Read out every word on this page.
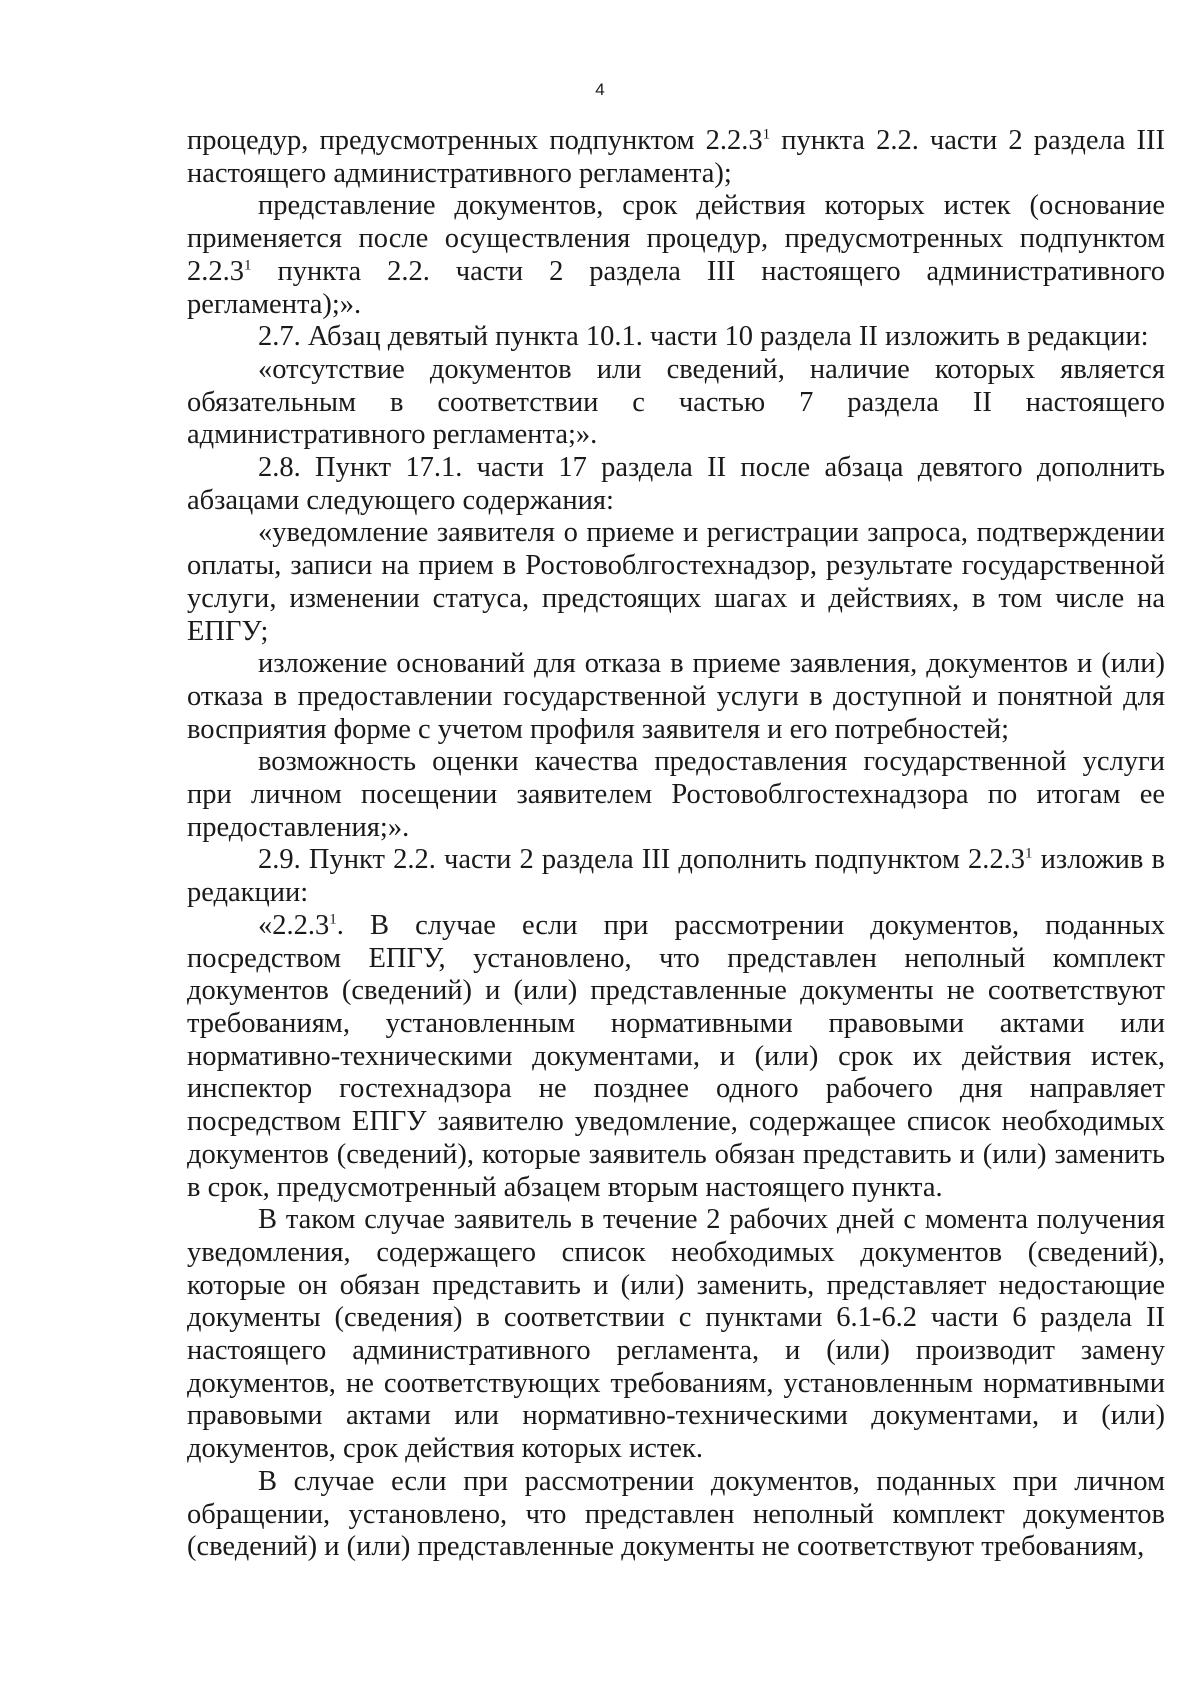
4

процедур, предусмотренных подпунктом 2.2.3$^1$ пункта 2.2. части 2 раздела III настоящего административного регламента);

представление документов, срок действия которых истек (основание применяется после осуществления процедур, предусмотренных подпунктом 2.2.3$^1$ пункта 2.2. части 2 раздела III настоящего административного регламента);».

2.7. Абзац девятый пункта 10.1. части 10 раздела II изложить в редакции:

«отсутствие документов или сведений, наличие которых является обязательным в соответствии с частью 7 раздела II настоящего административного регламента;».

2.8. Пункт 17.1. части 17 раздела II после абзаца девятого дополнить абзацами следующего содержания:

«уведомление заявителя о приеме и регистрации запроса, подтверждении оплаты, записи на прием в Ростовоблгостехнадзор, результате государственной услуги, изменении статуса, предстоящих шагах и действиях, в том числе на ЕПГУ;

изложение оснований для отказа в приеме заявления, документов и (или) отказа в предоставлении государственной услуги в доступной и понятной для восприятия форме с учетом профиля заявителя и его потребностей;

возможность оценки качества предоставления государственной услуги при личном посещении заявителем Ростовоблгостехнадзора по итогам ее предоставления;».

2.9. Пункт 2.2. части 2 раздела III дополнить подпунктом 2.2.3$^1$ изложив в редакции:

«2.2.3$^1$. В случае если при рассмотрении документов, поданных посредством ЕПГУ, установлено, что представлен неполный комплект документов (сведений) и (или) представленные документы не соответствуют требованиям, установленным нормативными правовыми актами или нормативно-техническими документами, и (или) срок их действия истек, инспектор гостехнадзора не позднее одного рабочего дня направляет посредством ЕПГУ заявителю уведомление, содержащее список необходимых документов (сведений), которые заявитель обязан представить и (или) заменить в срок, предусмотренный абзацем вторым настоящего пункта.

В таком случае заявитель в течение 2 рабочих дней с момента получения уведомления, содержащего список необходимых документов (сведений), которые он обязан представить и (или) заменить, представляет недостающие документы (сведения) в соответствии с пунктами 6.1-6.2 части 6 раздела II настоящего административного регламента, и (или) производит замену документов, не соответствующих требованиям, установленным нормативными правовыми актами или нормативно-техническими документами, и (или) документов, срок действия которых истек.

В случае если при рассмотрении документов, поданных при личном обращении, установлено, что представлен неполный комплект документов (сведений) и (или) представленные документы не соответствуют требованиям,
